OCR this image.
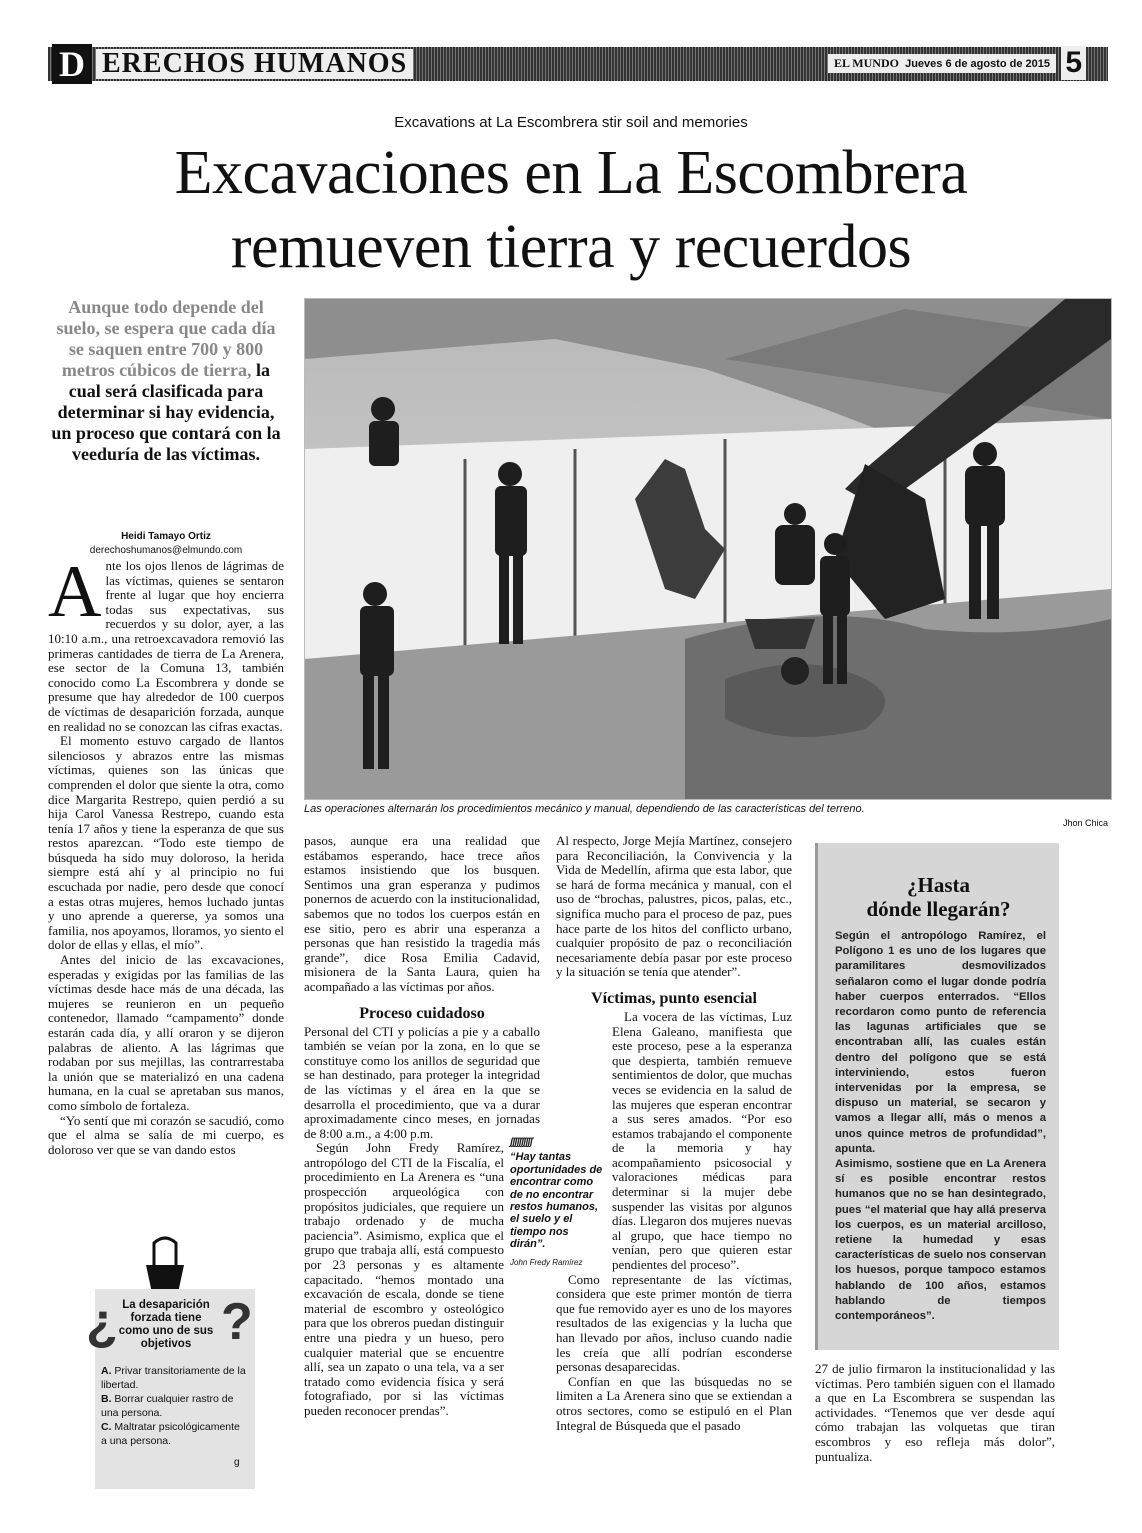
D ERECHOS HUMANOS	EL MUNDO Jueves 6 de agosto de 2015 5
Excavations at La Escombrera stir soil and memories
Excavaciones en La Escombrera
remueven tierra y recuerdos
Aunque todo depende del suelo, se espera que cada día se saquen entre 700 y 800 metros cúbicos de tierra, la cual será clasificada para determinar si hay evidencia, un proceso que contará con la veeduría de las víctimas.
Heidi Tamayo Ortiz
derechoshumanos@elmundo.com

Ante los ojos llenos de lágrimas de las víctimas, quienes se sentaron frente al lugar que hoy encierra todas sus expectativas, sus recuerdos y su dolor, ayer, a las 10:10 a.m., una retroexcavadora removió las primeras cantidades de tierra de La Arenera, ese sector de la Comuna 13, también conocido como La Escombrera y donde se presume que hay alrededor de 100 cuerpos de víctimas de desaparición forzada, aunque en realidad no se conozcan las cifras exactas.

El momento estuvo cargado de llantos silenciosos y abrazos entre las mismas víctimas, quienes son las únicas que comprenden el dolor que siente la otra, como dice Margarita Restrepo, quien perdió a su hija Carol Vanessa Restrepo, cuando esta tenía 17 años y tiene la esperanza de que sus restos aparezcan. “Todo este tiempo de búsqueda ha sido muy doloroso, la herida siempre está ahí y al principio no fui escuchada por nadie, pero desde que conocí a estas otras mujeres, hemos luchado juntas y uno aprende a quererse, ya somos una familia, nos apoyamos, lloramos, yo siento el dolor de ellas y ellas, el mío”.

Antes del inicio de las excavaciones, esperadas y exigidas por las familias de las víctimas desde hace más de una década, las mujeres se reunieron en un pequeño contenedor, llamado “campamento” donde estarán cada día, y allí oraron y se dijeron palabras de aliento. A las lágrimas que rodaban por sus mejillas, las contrarrestaba la unión que se materializó en una cadena humana, en la cual se apretaban sus manos, como símbolo de fortaleza.

“Yo sentí que mi corazón se sacudió, como que el alma se salía de mi cuerpo, es doloroso ver que se van dando estos

Las operaciones alternarán los procedimientos mecánico y manual, dependiendo de las características del terreno.
Jhon Chica

pasos, aunque era una realidad que estábamos esperando, hace trece años estamos insistiendo que los busquen. Sentimos una gran esperanza y pudimos ponernos de acuerdo con la institucionalidad, sabemos que no todos los cuerpos están en ese sitio, pero es abrir una esperanza a personas que han resistido la tragedia más grande”, dice Rosa Emilia Cadavid, misionera de la Santa Laura, quien ha acompañado a las víctimas por años.

Proceso cuidadoso

Personal del CTI y policías a pie y a caballo también se veían por la zona, en lo que se constituye como los anillos de seguridad que se han destinado, para proteger la integridad de las víctimas y el área en la que se desarrolla el procedimiento, que va a durar aproximadamente cinco meses, en jornadas de 8:00 a.m., a 4:00 p.m.

Según John Fredy Ramírez, antropólogo del CTI de la Fiscalía, el procedimiento en La Arenera es “una prospección arqueológica con propósitos judiciales, que requiere un trabajo ordenado y de mucha paciencia”. Asimismo, explica que el grupo que trabaja allí, está compuesto por 23 personas y es altamente capacitado. “hemos montado una excavación de escala, donde se tiene material de escombro y osteológico para que los obreros puedan distinguir entre una piedra y un hueso, pero cualquier material que se encuentre allí, sea un zapato o una tela, va a ser tratado como evidencia física y será fotografiado, por si las víctimas pueden reconocer prendas”.

Al respecto, Jorge Mejía Martínez, consejero para Reconciliación, la Convivencia y la Vida de Medellín, afirma que esta labor, que se hará de forma mecánica y manual, con el uso de “brochas, palustres, picos, palas, etc., significa mucho para el proceso de paz, pues hace parte de los hitos del conflicto urbano, cualquier propósito de paz o reconciliación necesariamente debía pasar por este proceso y la situación se tenía que atender”.

Víctimas, punto esencial

La vocera de las víctimas, Luz Elena Galeano, manifiesta que este proceso, pese a la esperanza que despierta, también remueve sentimientos de dolor, que muchas veces se evidencia en la salud de las mujeres que esperan encontrar a sus seres amados. “Por eso estamos trabajando el componente de la memoria y hay acompañamiento psicosocial y valoraciones médicas para determinar si la mujer debe suspender las visitas por algunos días. Llegaron dos mujeres nuevas al grupo, que hace tiempo no venían, pero que quieren estar pendientes del proceso”.

Como representante de las víctimas, considera que este primer montón de tierra que fue removido ayer es uno de los mayores resultados de las exigencias y la lucha que han llevado por años, incluso cuando nadie les creía que allí podrían esconderse personas desaparecidas.

Confían en que las búsquedas no se limiten a La Arenera sino que se extiendan a otros sectores, como se estipuló en el Plan Integral de Búsqueda que el pasado

ʃʃʃʃʃʃʃʃʃʃ
“Hay tantas oportunidades de encontrar como de no encontrar restos humanos, el suelo y el tiempo nos dirán”.
John Fredy Ramírez
¿Hasta
dónde llegarán?
Según el antropólogo Ramírez, el Polígono 1 es uno de los lugares que paramilitares desmovilizados señalaron como el lugar donde podría haber cuerpos enterrados. “Ellos recordaron como punto de referencia las lagunas artificiales que se encontraban allí, las cuales están dentro del polígono que se está interviniendo, estos fueron intervenidas por la empresa, se dispuso un material, se secaron y vamos a llegar allí, más o menos a unos quince metros de profundidad”, apunta.
Asimismo, sostiene que en La Arenera sí es posible encontrar restos humanos que no se han desintegrado, pues “el material que hay allá preserva los cuerpos, es un material arcilloso, retiene la humedad y esas características de suelo nos conservan los huesos, porque tampoco estamos hablando de 100 años, estamos hablando de tiempos contemporáneos”.

27 de julio firmaron la institucionalidad y las víctimas. Pero también siguen con el llamado a que en La Escombrera se suspendan las actividades. “Tenemos que ver desde aquí cómo trabajan las volquetas que tiran escombros y eso refleja más dolor”, puntualiza.

¿ ?
La desaparición forzada tiene como uno de sus objetivos
A. Privar transitoriamente de la libertad.
B. Borrar cualquier rastro de una persona.
C. Maltratar psicológicamente a una persona.
g
